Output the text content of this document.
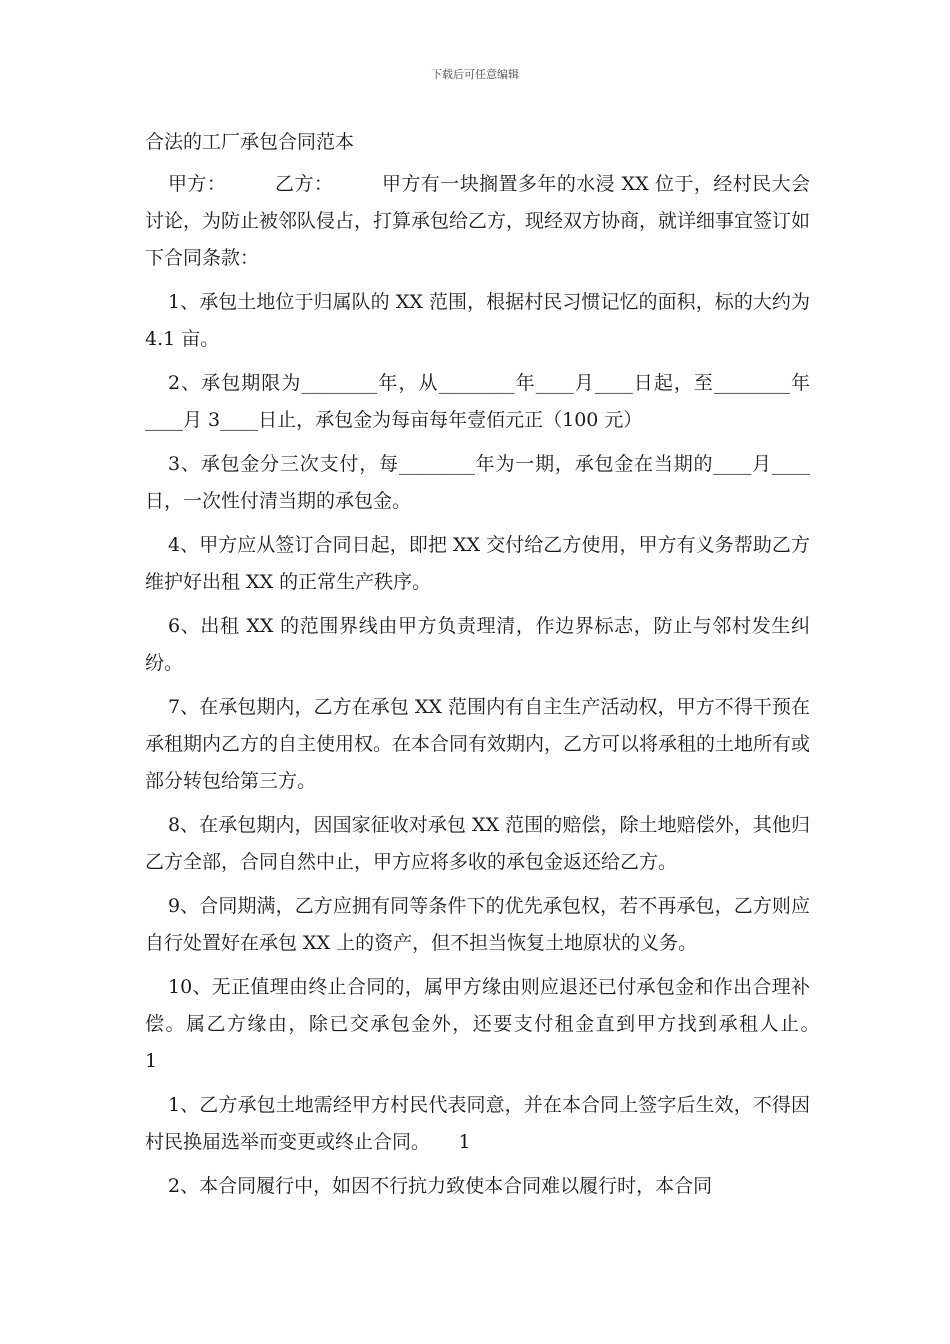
下载后可任意编辑
合法的工厂承包合同范本

甲方：　　　乙方：　　　甲方有一块搁置多年的水浸 XX 位于，经村民大会讨论，为防止被邻队侵占，打算承包给乙方，现经双方协商，就详细事宜签订如下合同条款：

1、承包土地位于归属队的 XX 范围，根据村民习惯记忆的面积，标的大约为 4.1 亩。

2、承包期限为________年，从________年____月____日起，至________年____月 3____日止，承包金为每亩每年壹佰元正（100 元）

3、承包金分三次支付，每________年为一期，承包金在当期的____月____日，一次性付清当期的承包金。

4、甲方应从签订合同日起，即把 XX 交付给乙方使用，甲方有义务帮助乙方维护好出租 XX 的正常生产秩序。

6、出租 XX 的范围界线由甲方负责理清，作边界标志，防止与邻村发生纠纷。

7、在承包期内，乙方在承包 XX 范围内有自主生产活动权，甲方不得干预在承租期内乙方的自主使用权。在本合同有效期内，乙方可以将承租的土地所有或部分转包给第三方。

8、在承包期内，因国家征收对承包 XX 范围的赔偿，除土地赔偿外，其他归乙方全部，合同自然中止，甲方应将多收的承包金返还给乙方。

9、合同期满，乙方应拥有同等条件下的优先承包权，若不再承包，乙方则应自行处置好在承包 XX 上的资产，但不担当恢复土地原状的义务。

10、无正值理由终止合同的，属甲方缘由则应退还已付承包金和作出合理补偿。属乙方缘由，除已交承包金外，还要支付租金直到甲方找到承租人止。　　1

1、乙方承包土地需经甲方村民代表同意，并在本合同上签字后生效，不得因村民换届选举而变更或终止合同。　　1

2、本合同履行中，如因不行抗力致使本合同难以履行时，本合同
